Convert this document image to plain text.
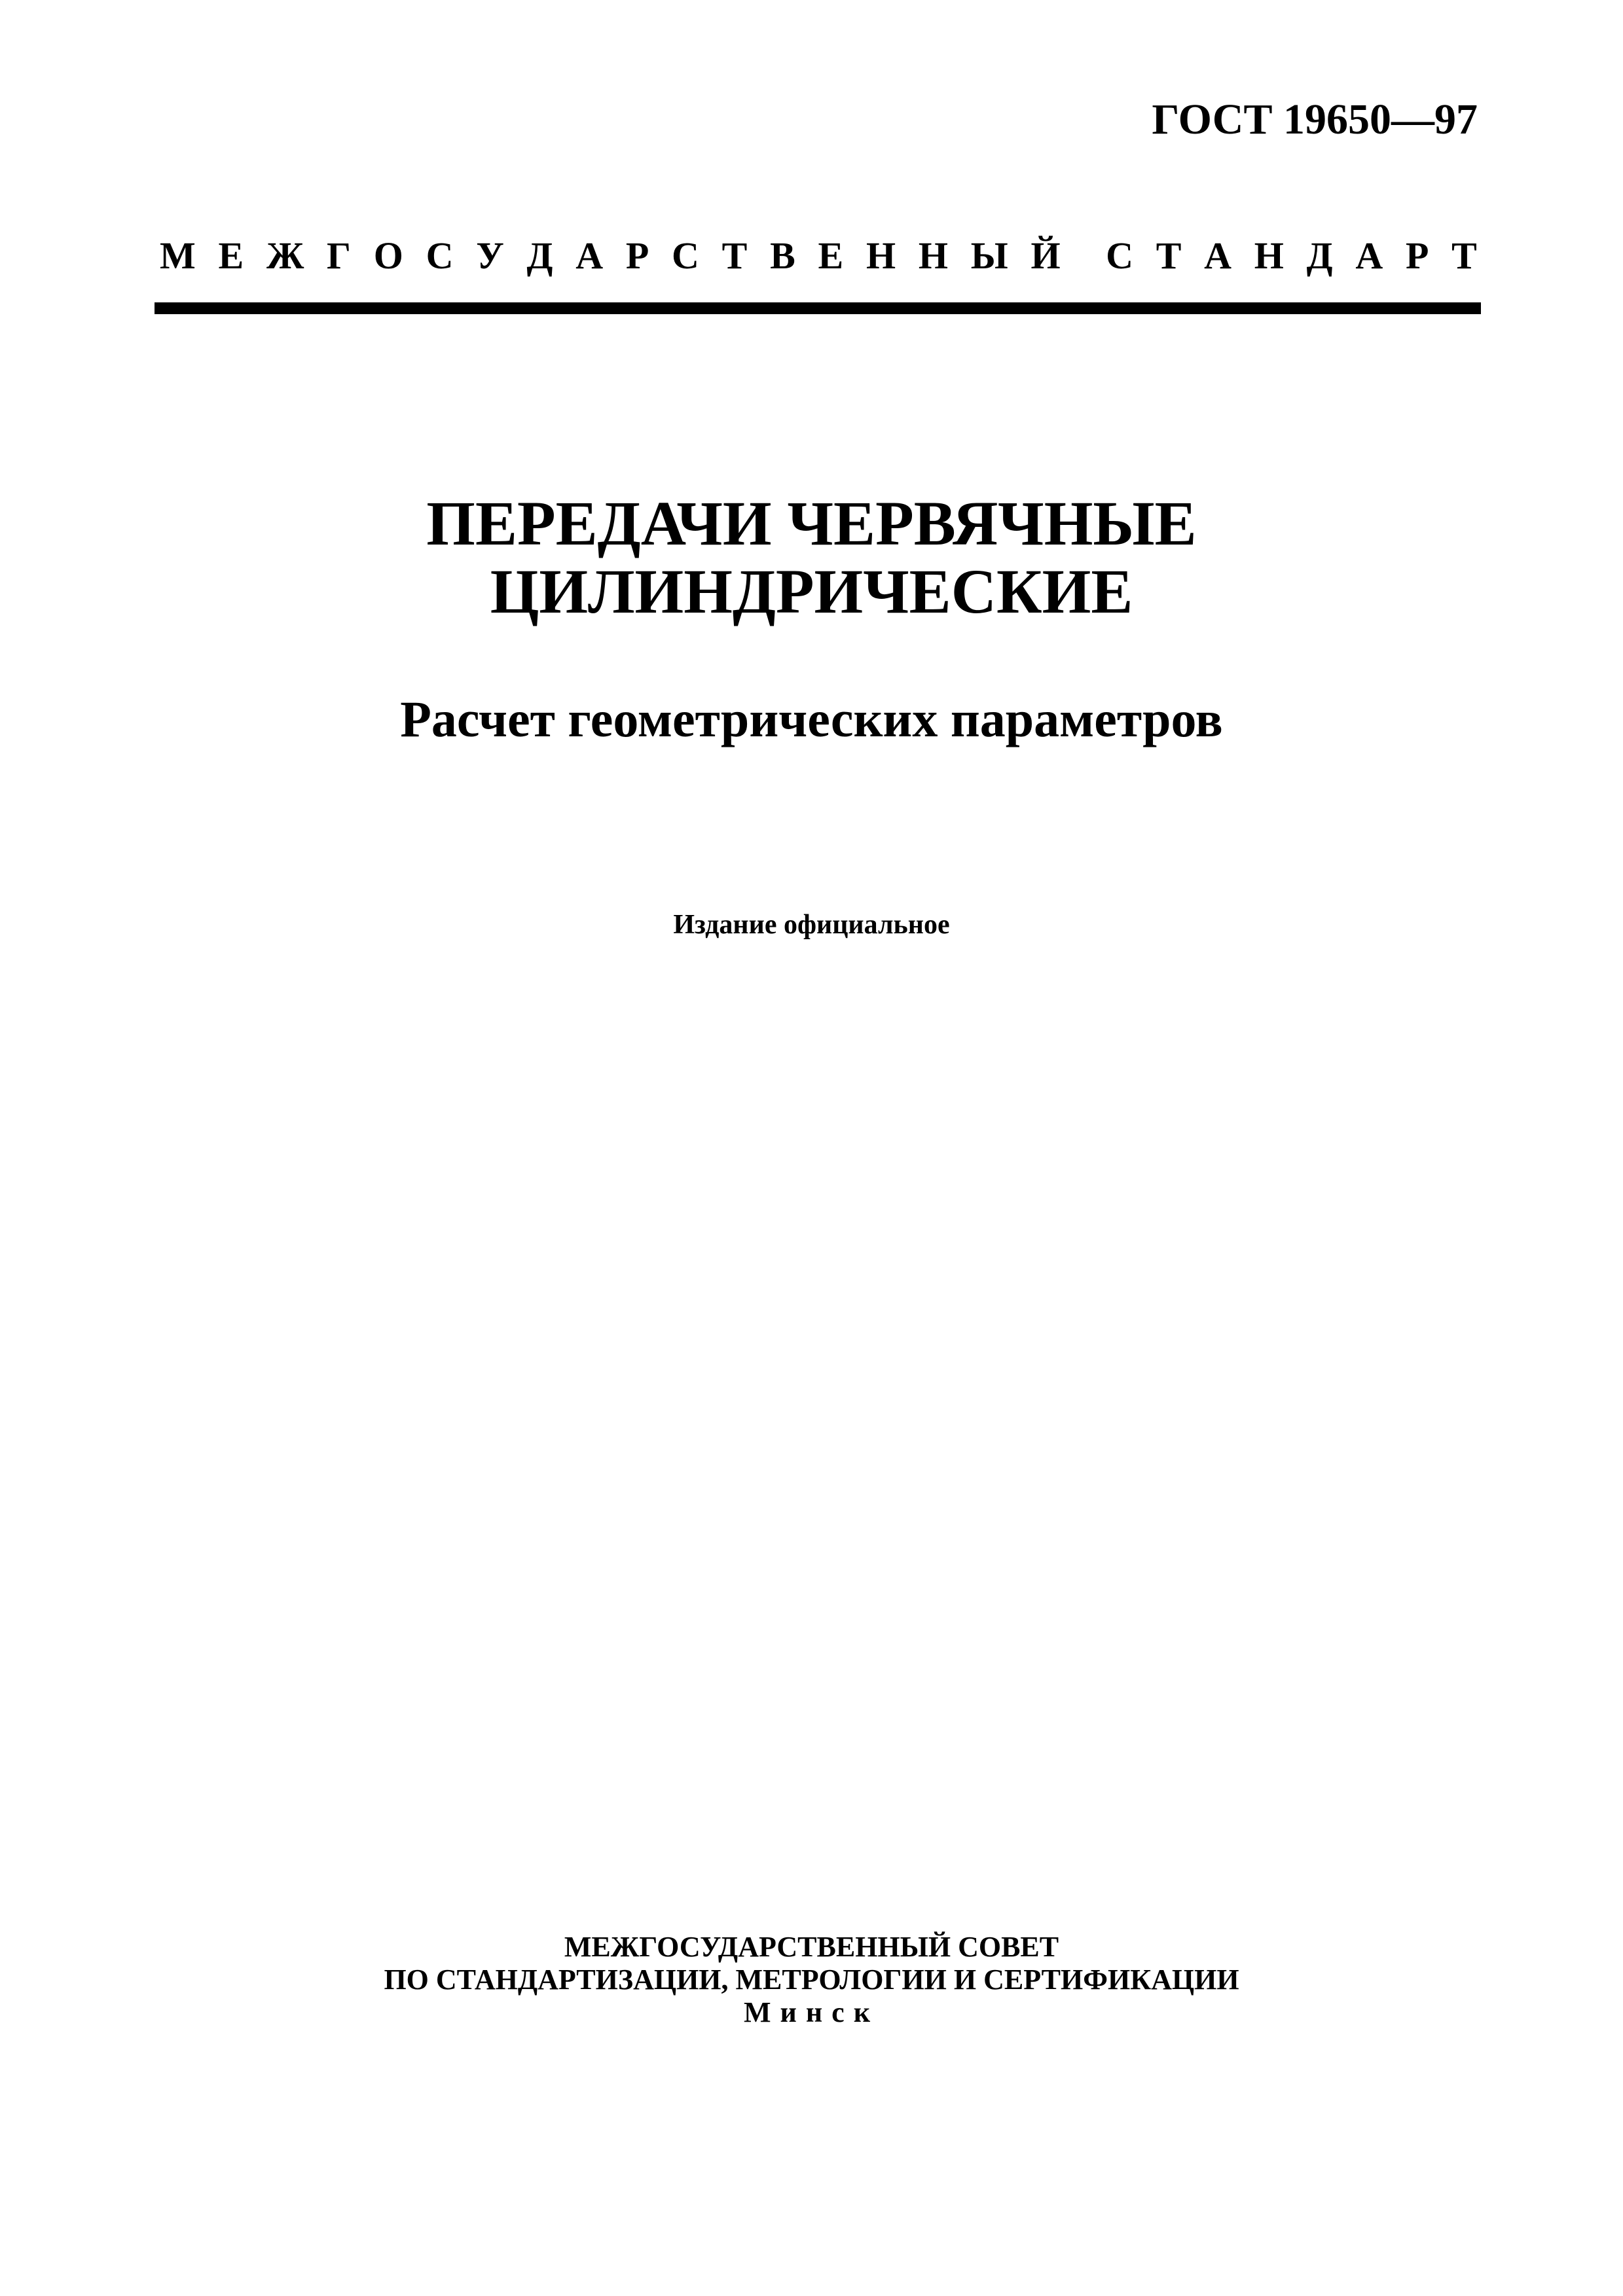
ГОСТ 19650—97
М Е Ж Г О С У Д А Р С Т В Е Н Н Ы Й С Т А Н Д А Р Т
ПЕРЕДАЧИ ЧЕРВЯЧНЫЕ
ЦИЛИНДРИЧЕСКИЕ
Расчет геометрических параметров
Издание официальное
МЕЖГОСУДАРСТВЕННЫЙ СОВЕТ
ПО СТАНДАРТИЗАЦИИ, МЕТРОЛОГИИ И СЕРТИФИКАЦИИ
Минск
